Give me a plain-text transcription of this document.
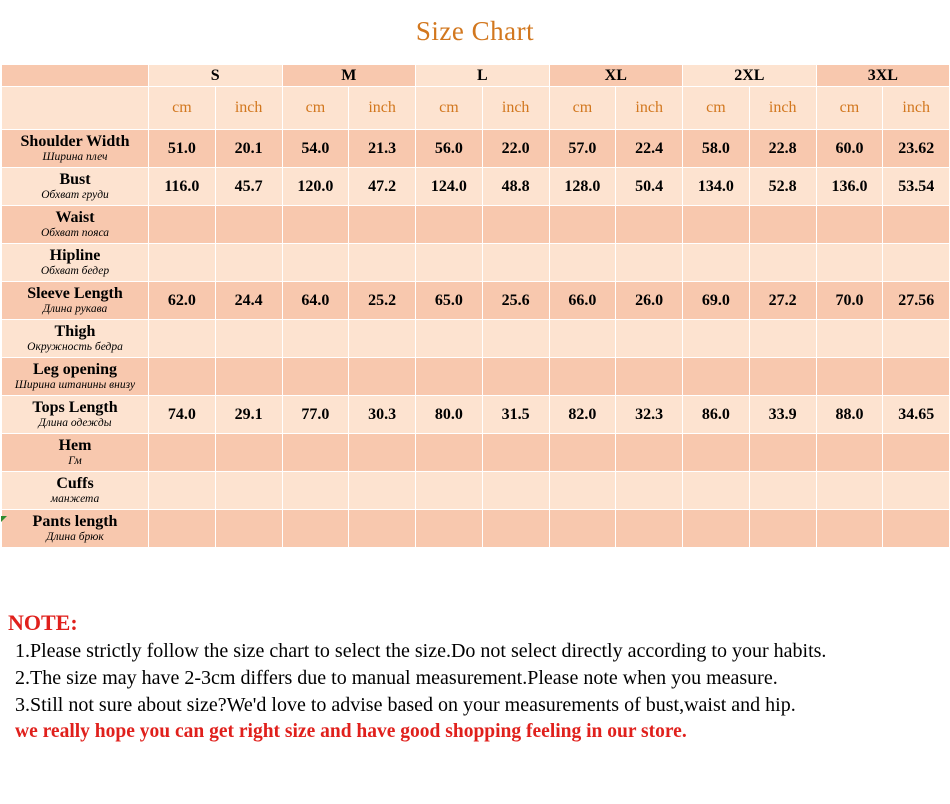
Size Chart
	S		M		L		XL		2XL		3XL	
	cm	inch	cm	inch	cm	inch	cm	inch	cm	inch	cm	inch

Shoulder Width
Ширина плеч	51.0	20.1	54.0	21.3	56.0	22.0	57.0	22.4	58.0	22.8	60.0	23.62

Bust
Обхват груди	116.0	45.7	120.0	47.2	124.0	48.8	128.0	50.4	134.0	52.8	136.0	53.54

Waist
Обхват пояса												

Hipline
Обхват бедер												

Sleeve Length
Длина рукава	62.0	24.4	64.0	25.2	65.0	25.6	66.0	26.0	69.0	27.2	70.0	27.56

Thigh
Окружность бедра												

Leg opening
Ширина штанины внизу												

Tops Length
Длина одежды	74.0	29.1	77.0	30.3	80.0	31.5	82.0	32.3	86.0	33.9	88.0	34.65

Hem
Гм												

Cuffs
манжета												

Pants length
Длина брюк												

NOTE:
1.Please strictly follow the size chart to select the size.Do not select directly according to your habits.
2.The size may have 2-3cm differs due to manual measurement.Please note when you measure.
3.Still not sure about size?We'd love to advise based on your measurements of bust,waist and hip.
we really hope you can get right size and have good shopping feeling in our store.
